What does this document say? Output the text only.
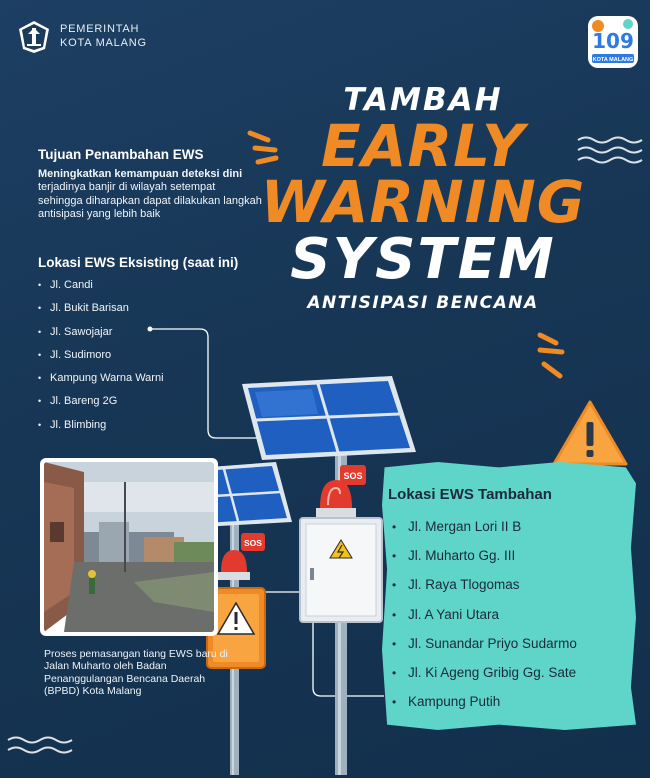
SOS
SOS
PEMERINTAH
KOTA MALANG	109
KOTA MALANG
TAMBAH
EARLY
WARNING
SYSTEM
ANTISIPASI BENCANA
Tujuan Penambahan EWS
Meningkatkan kemampuan deteksi dini terjadinya banjir di wilayah setempat sehingga diharapkan dapat dilakukan langkah antisipasi yang lebih baik
Lokasi EWS Eksisting (saat ini)
• Jl. Candi
• Jl. Bukit Barisan
• Jl. Sawojajar
• Jl. Sudimoro
• Kampung Warna Warni
• Jl. Bareng 2G
• Jl. Blimbing
Proses pemasangan tiang EWS baru di Jalan Muharto oleh Badan Penanggulangan Bencana Daerah (BPBD) Kota Malang
Lokasi EWS Tambahan
• Jl. Mergan Lori II B
• Jl. Muharto Gg. III
• Jl. Raya Tlogomas
• Jl. A Yani Utara
• Jl. Sunandar Priyo Sudarmo
• Jl. Ki Ageng Gribig Gg. Sate
• Kampung Putih
